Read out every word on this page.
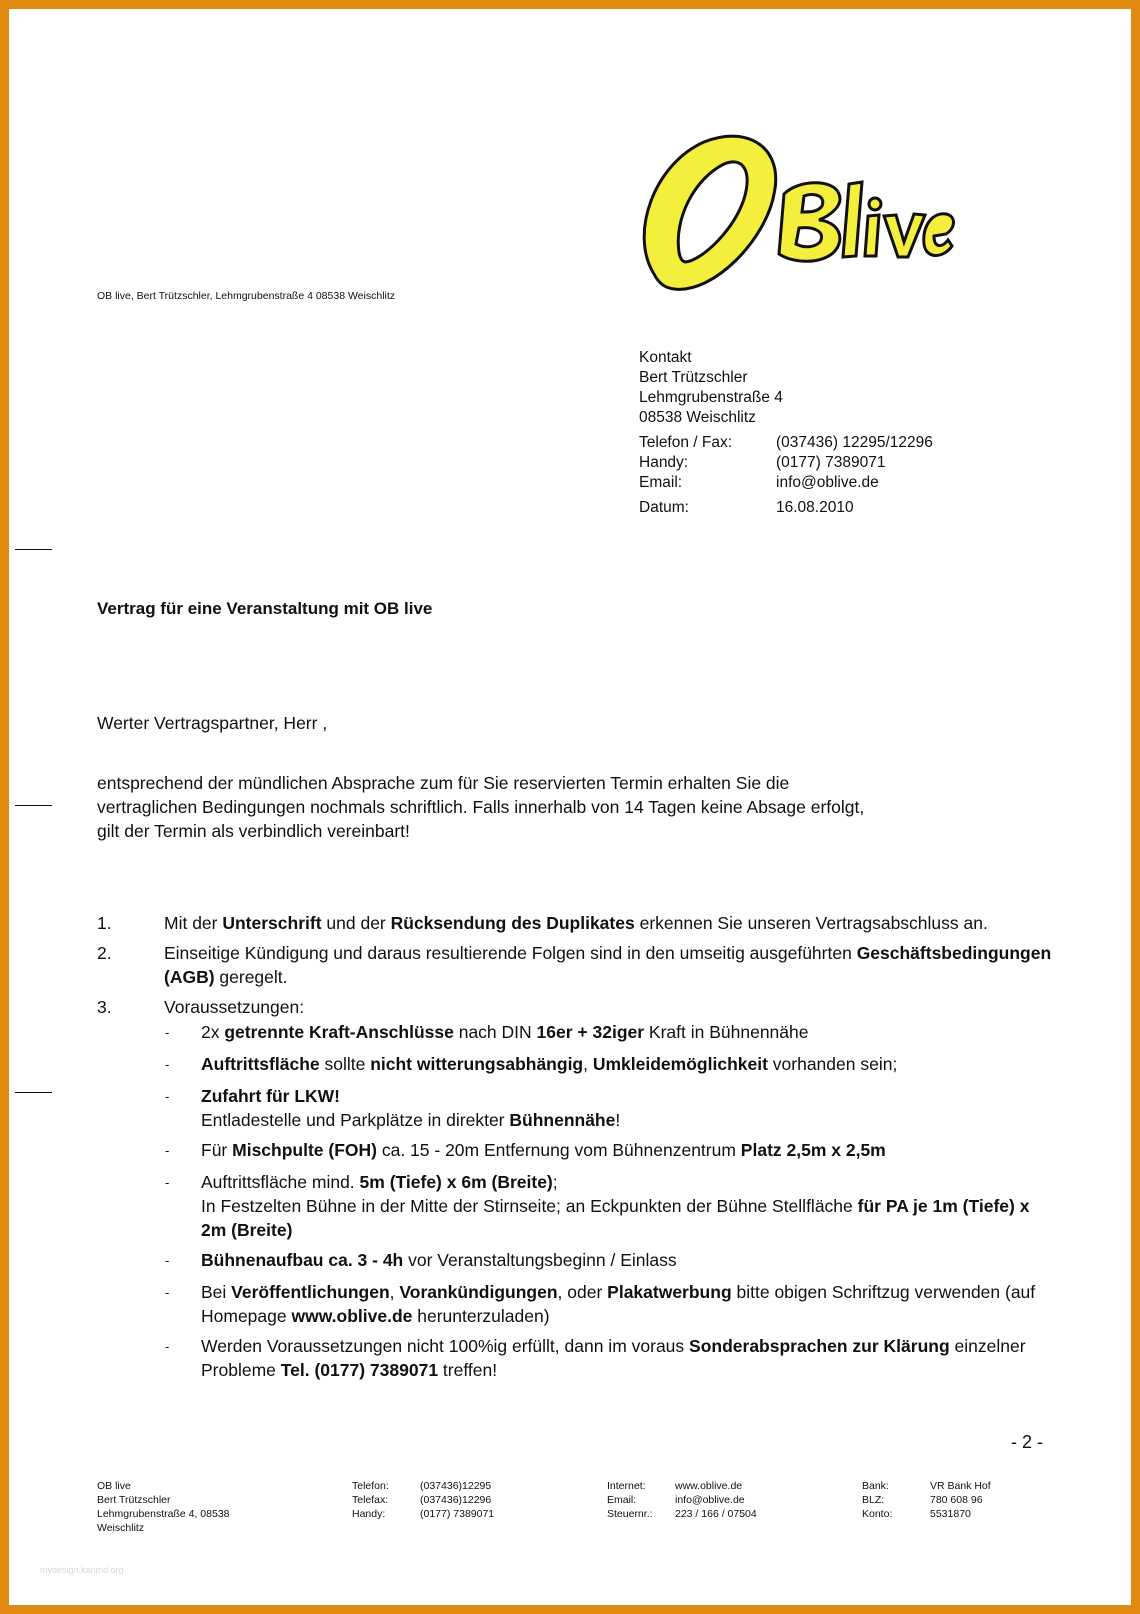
OB live, Bert Trützschler, Lehmgrubenstraße 4 08538 Weischlitz
Kontakt
Bert Trützschler
Lehmgrubenstraße 4
08538 Weischlitz
Telefon / Fax:	(037436) 12295/12296
Handy:	(0177) 7389071
Email:	info@oblive.de
Datum:	16.08.2010
Vertrag für eine Veranstaltung mit OB live
Werter Vertragspartner, Herr ,
entsprechend der mündlichen Absprache zum für Sie reservierten Termin erhalten Sie die
vertraglichen Bedingungen nochmals schriftlich. Falls innerhalb von 14 Tagen keine Absage erfolgt,
gilt der Termin als verbindlich vereinbart!
1.	Mit der Unterschrift und der Rücksendung des Duplikates erkennen Sie unseren Vertragsabschluss an.
2.	Einseitige Kündigung und daraus resultierende Folgen sind in den umseitig ausgeführten Geschäftsbedingungen (AGB) geregelt.
3.	Voraussetzungen:
-	2x getrennte Kraft-Anschlüsse nach DIN 16er + 32iger Kraft in Bühnennähe
-	Auftrittsfläche sollte nicht witterungsabhängig, Umkleidemöglichkeit vorhanden sein;
-	Zufahrt für LKW!
Entladestelle und Parkplätze in direkter Bühnennähe!
-	Für Mischpulte (FOH) ca. 15 - 20m Entfernung vom Bühnenzentrum Platz 2,5m x 2,5m
-	Auftrittsfläche mind. 5m (Tiefe) x 6m (Breite);
In Festzelten Bühne in der Mitte der Stirnseite; an Eckpunkten der Bühne Stellfläche für PA je 1m (Tiefe) x 2m (Breite)
-	Bühnenaufbau ca. 3 - 4h vor Veranstaltungsbeginn / Einlass
-	Bei Veröffentlichungen, Vorankündigungen, oder Plakatwerbung bitte obigen Schriftzug verwenden (auf Homepage www.oblive.de herunterzuladen)
-	Werden Voraussetzungen nicht 100%ig erfüllt, dann im voraus Sonderabsprachen zur Klärung einzelner Probleme Tel. (0177) 7389071 treffen!
- 2 -
OB live
Bert Trützschler
Lehmgrubenstraße 4, 08538
Weischlitz
Telefon:	(037436)12295
Telefax:	(037436)12296
Handy:	(0177) 7389071
Internet:	www.oblive.de
Email:	info@oblive.de
Steuernr.:	223 / 166 / 07504
Bank:	VR Bank Hof
BLZ:	780 608 96
Konto:	5531870
mydesign.kanmd.org
